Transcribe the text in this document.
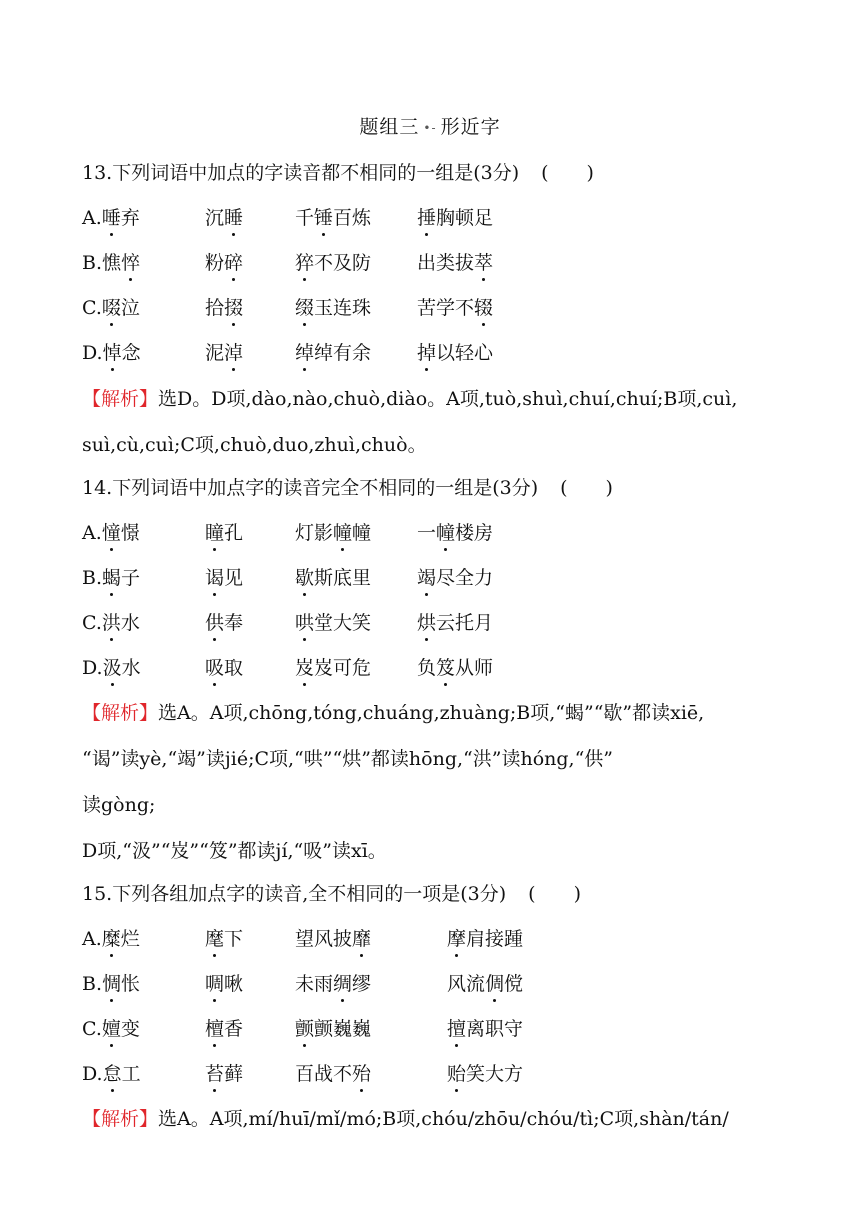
题组三 •- 形近字
13.下列词语中加点的字读音都不相同的一组是(3分) (　　)
A.唾弃	沉睡	千锤百炼 捶胸顿足
B.憔悴	粉碎	猝不及防 出类拔萃
C.啜泣	拾掇	缀玉连珠 苦学不辍
D.悼念	泥淖	绰绰有余 掉以轻心
【解析】选D。D项,dào,nào,chuò,diào。A项,tuò,shuì,chuí,chuí;B项,cuì,
suì,cù,cuì;C项,chuò,duo,zhuì,chuò。
14.下列词语中加点字的读音完全不相同的一组是(3分) (　　)
A.憧憬	瞳孔	灯影幢幢 一幢楼房
B.蝎子	谒见	歇斯底里 竭尽全力
C.洪水	供奉	哄堂大笑 烘云托月
D.汲水	吸取	岌岌可危 负笈从师
【解析】选A。A项,chōng,tóng,chuáng,zhuàng;B项,“蝎”“歇”都读xiē,
“谒”读yè,“竭”读jié;C项,“哄”“烘”都读hōng,“洪”读hóng,“供”
读gòng;
D项,“汲”“岌”“笈”都读jí,“吸”读xī。
15.下列各组加点字的读音,全不相同的一项是(3分) (　　)
A.糜烂	麾下	望风披靡	摩肩接踵
B.惆怅	啁啾	未雨绸缪	风流倜傥
C.嬗变	檀香	颤颤巍巍	擅离职守
D.怠工	苔藓	百战不殆	贻笑大方
【解析】选A。A项,mí/huī/mǐ/mó;B项,chóu/zhōu/chóu/tì;C项,shàn/tán/
